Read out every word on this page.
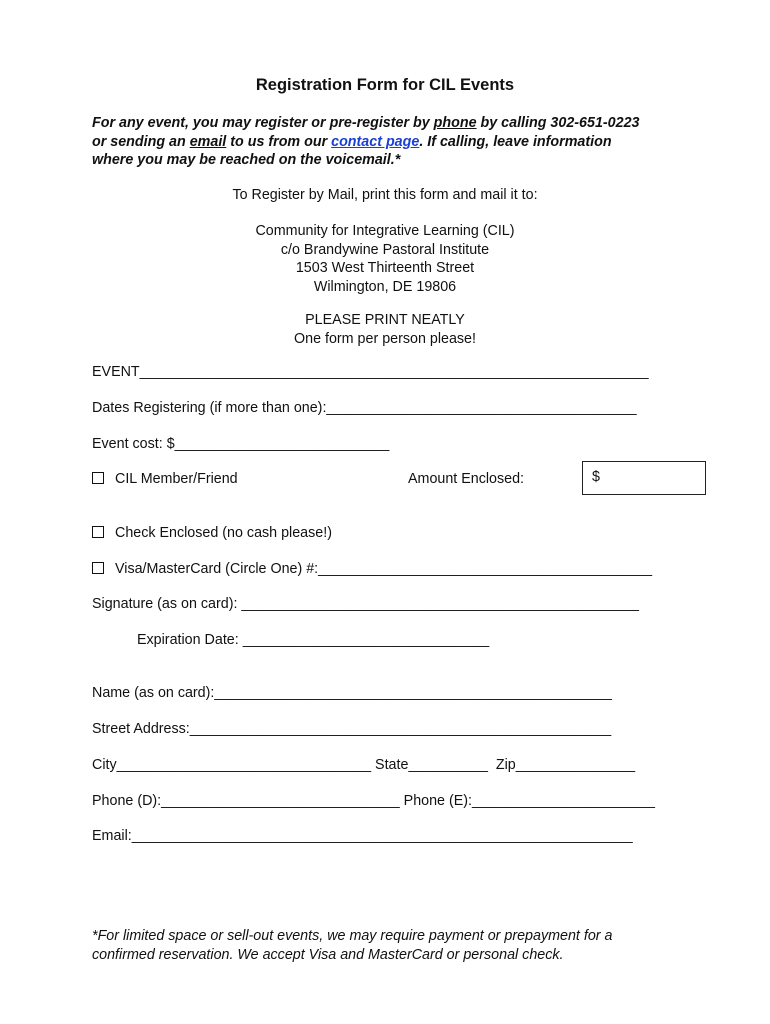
Registration Form for CIL Events
For any event, you may register or pre-register by phone by calling 302-651-0223
or sending an email to us from our contact page. If calling, leave information
where you may be reached on the voicemail.*
To Register by Mail, print this form and mail it to:
Community for Integrative Learning (CIL)
c/o Brandywine Pastoral Institute
1503 West Thirteenth Street
Wilmington, DE 19806
PLEASE PRINT NEATLY
One form per person please!
EVENT________________________________________________________________
Dates Registering (if more than one):_______________________________________
Event cost: $___________________________
CIL Member/Friend	Amount Enclosed:	$
Check Enclosed (no cash please!)
Visa/MasterCard (Circle One) #:__________________________________________
Signature (as on card): __________________________________________________
Expiration Date: _______________________________
Name (as on card):__________________________________________________
Street Address:_____________________________________________________
City________________________________ State__________  Zip_______________
Phone (D):______________________________ Phone (E):_______________________
Email:_______________________________________________________________
*For limited space or sell-out events, we may require payment or prepayment for a
confirmed reservation. We accept Visa and MasterCard or personal check.
